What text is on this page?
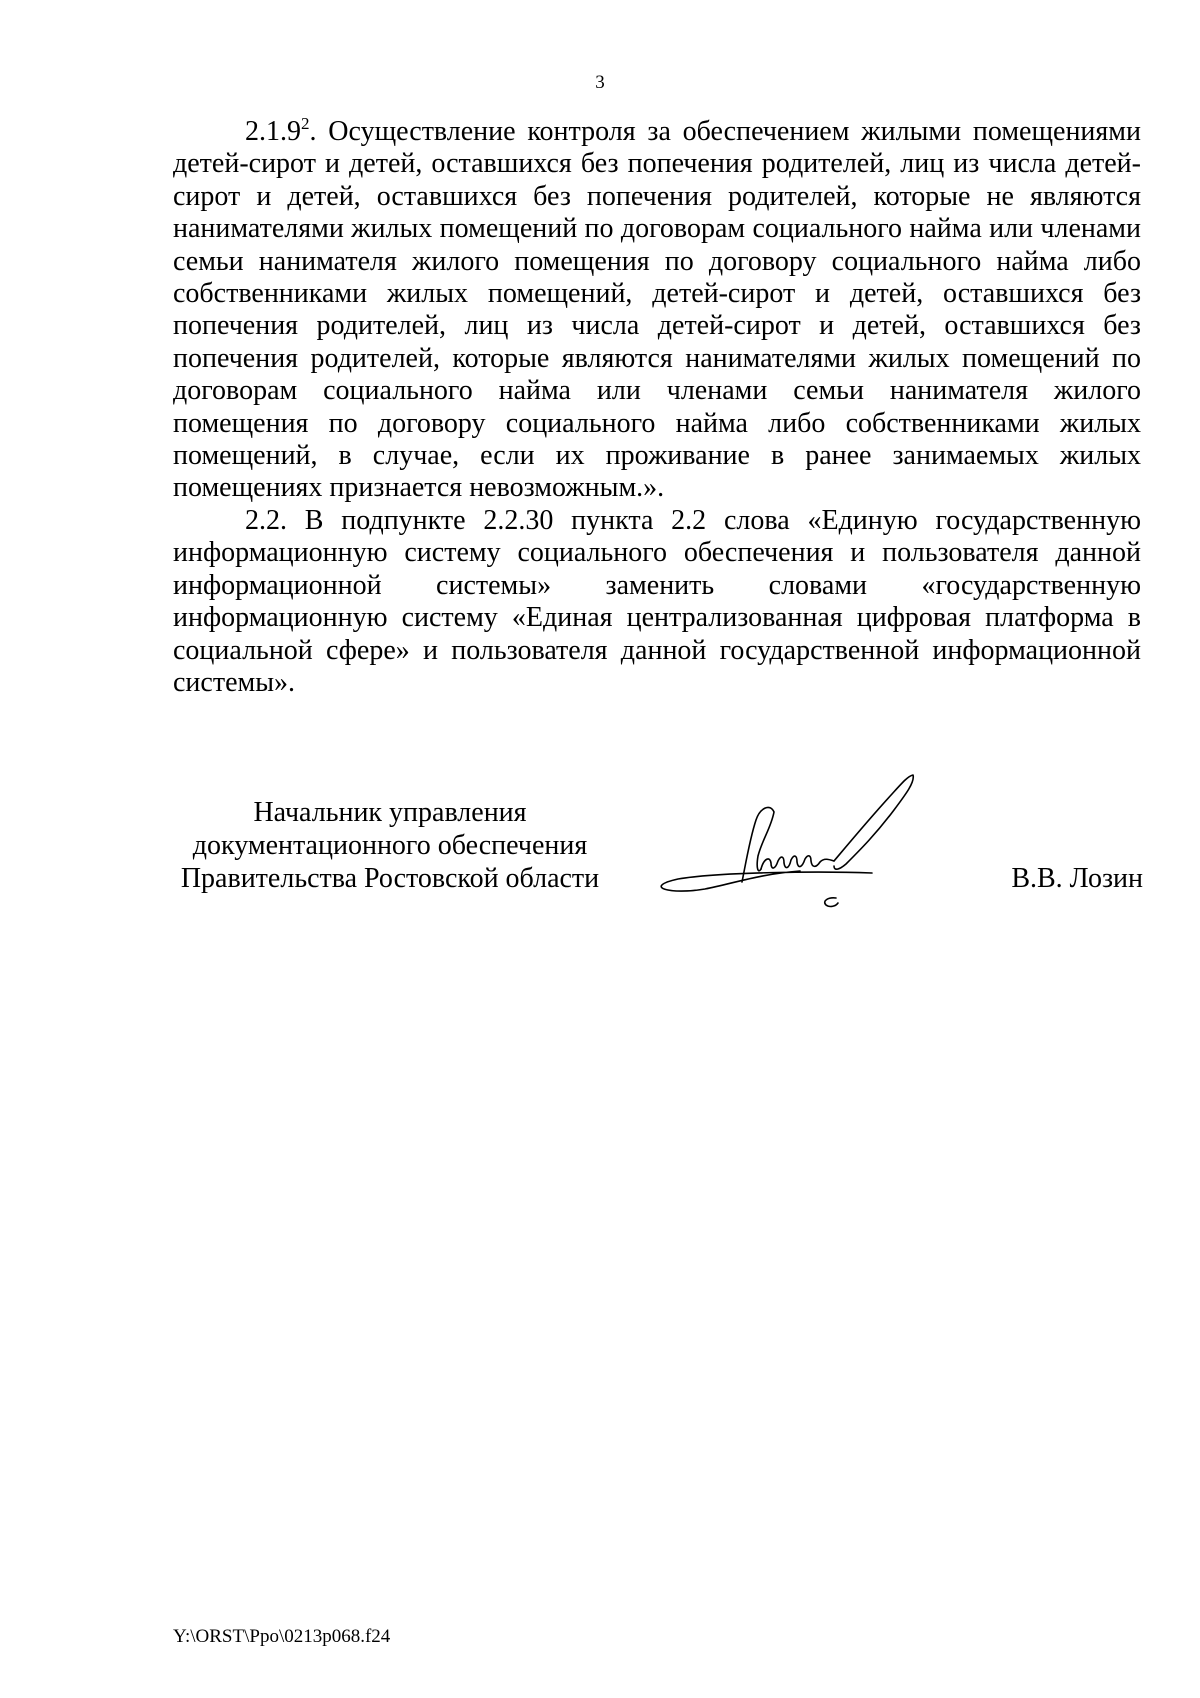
3

2.1.9$^2$. Осуществление контроля за обеспечением жилыми помещениями детей-сирот и детей, оставшихся без попечения родителей, лиц из числа детей-сирот и детей, оставшихся без попечения родителей, которые не являются нанимателями жилых помещений по договорам социального найма или членами семьи нанимателя жилого помещения по договору социального найма либо собственниками жилых помещений, детей-сирот и детей, оставшихся без попечения родителей, лиц из числа детей-сирот и детей, оставшихся без попечения родителей, которые являются нанимателями жилых помещений по договорам социального найма или членами семьи нанимателя жилого помещения по договору социального найма либо собственниками жилых помещений, в случае, если их проживание в ранее занимаемых жилых помещениях признается невозможным.».

2.2. В подпункте 2.2.30 пункта 2.2 слова «Единую государственную информационную систему социального обеспечения и пользователя данной информационной системы» заменить словами «государственную информационную систему «Единая централизованная цифровая платформа в социальной сфере» и пользователя данной государственной информационной системы».

Начальник управления
документационного обеспечения
Правительства Ростовской области	В.В. Лозин

Y:\ORST\Ppo\0213p068.f24
